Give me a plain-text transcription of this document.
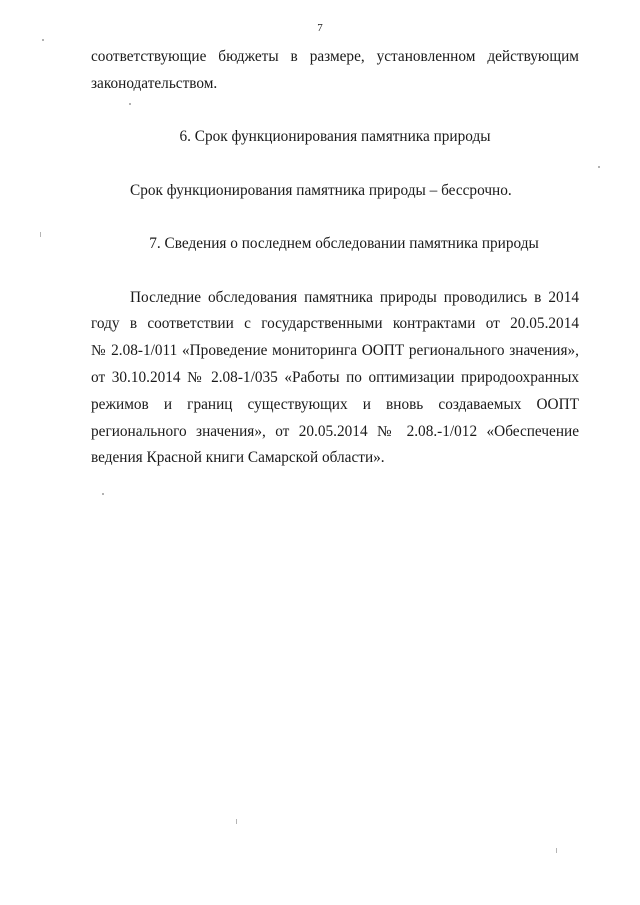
7
соответствующие бюджеты в размере, установленном действующим
законодательством.
6. Срок функционирования памятника природы
Срок функционирования памятника природы – бессрочно.
7. Сведения о последнем обследовании памятника природы
Последние обследования памятника природы проводились в 2014
году в соответствии с государственными контрактами от 20.05.2014
№ 2.08-1/011 «Проведение мониторинга ООПТ регионального значения»,
от 30.10.2014 № 2.08-1/035 «Работы по оптимизации природоохранных
режимов и границ существующих и вновь создаваемых ООПТ
регионального значения», от 20.05.2014 № 2.08.-1/012 «Обеспечение
ведения Красной книги Самарской области».
